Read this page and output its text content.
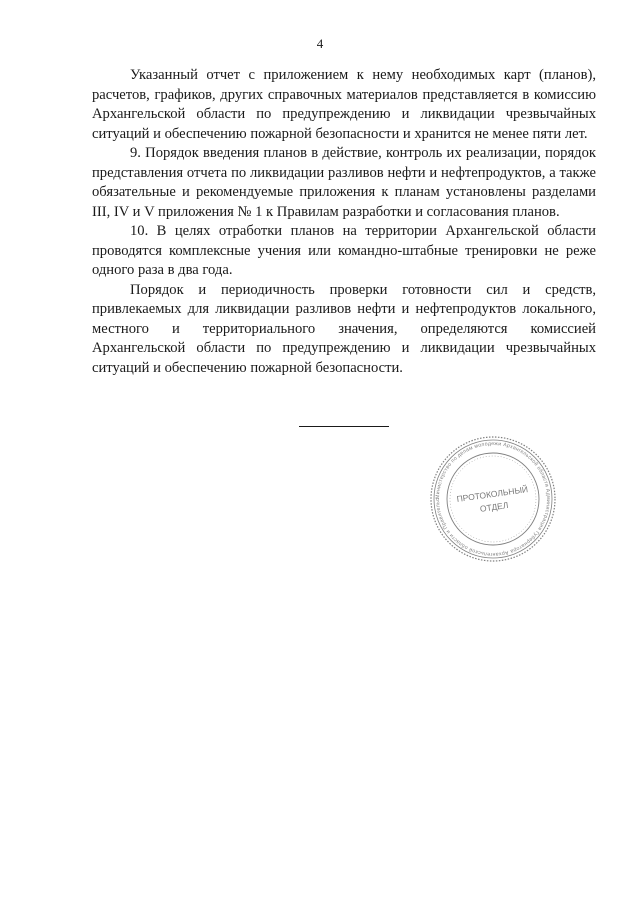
4

Указанный отчет с приложением к нему необходимых карт (планов), расчетов, графиков, других справочных материалов представляется в комиссию Архангельской области по предупреждению и ликвидации чрезвычайных ситуаций и обеспечению пожарной безопасности и хранится не менее пяти лет.

9. Порядок введения планов в действие, контроль их реализации, порядок представления отчета по ликвидации разливов нефти и нефтепродуктов, а также обязательные и рекомендуемые приложения к планам установлены разделами III, IV и V приложения № 1 к Правилам разработки и согласования планов.

10. В целях отработки планов на территории Архангельской области проводятся комплексные учения или командно-штабные тренировки не реже одного раза в два года.

Порядок и периодичность проверки готовности сил и средств, привлекаемых для ликвидации разливов нефти и нефтепродуктов локального, местного и территориального значения, определяются комиссией Архангельской области по предупреждению и ликвидации чрезвычайных ситуаций и обеспечению пожарной безопасности.

Министерство по делам молодежи Архангельской области Администрация Губернатора Архангельской области и Правительс	ПРОТОКОЛЬНЫЙ
ОТДЕЛ
